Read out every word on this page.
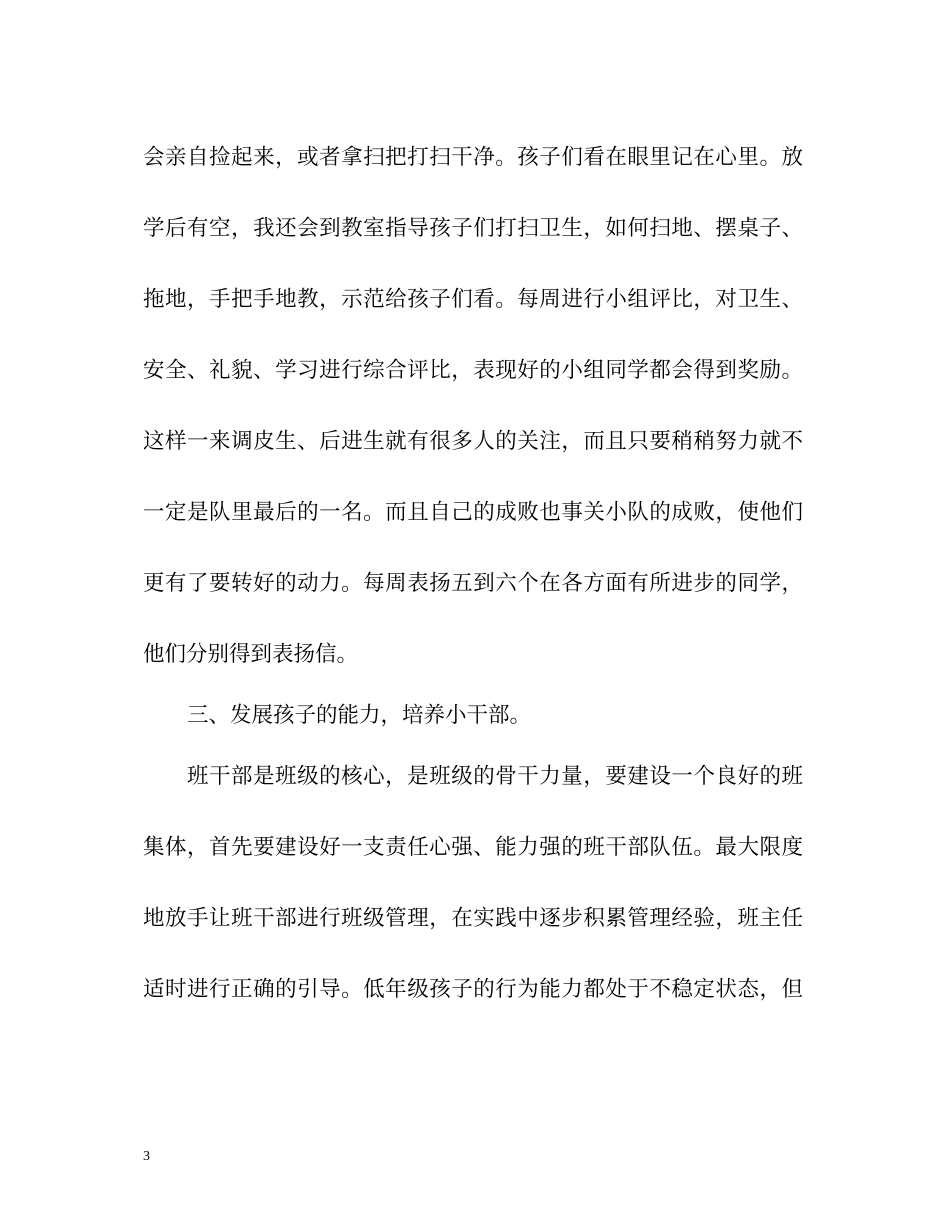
会亲自捡起来，或者拿扫把打扫干净。孩子们看在眼里记在心里。放
学后有空，我还会到教室指导孩子们打扫卫生，如何扫地、摆桌子、
拖地，手把手地教，示范给孩子们看。每周进行小组评比，对卫生、
安全、礼貌、学习进行综合评比，表现好的小组同学都会得到奖励。
这样一来调皮生、后进生就有很多人的关注，而且只要稍稍努力就不
一定是队里最后的一名。而且自己的成败也事关小队的成败，使他们
更有了要转好的动力。每周表扬五到六个在各方面有所进步的同学，
他们分别得到表扬信。
三、发展孩子的能力，培养小干部。
班干部是班级的核心，是班级的骨干力量，要建设一个良好的班
集体，首先要建设好一支责任心强、能力强的班干部队伍。最大限度
地放手让班干部进行班级管理，在实践中逐步积累管理经验，班主任
适时进行正确的引导。低年级孩子的行为能力都处于不稳定状态，但
3
